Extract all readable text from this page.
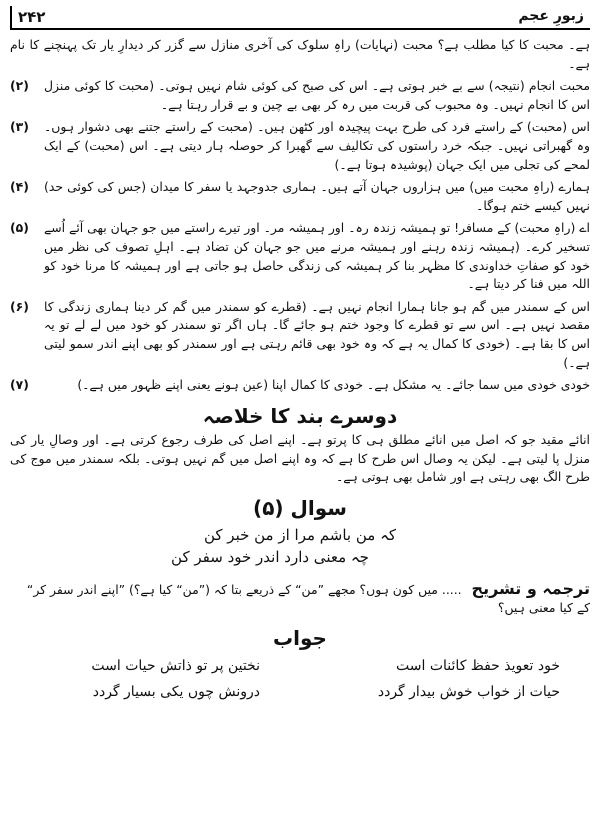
۲۴۲	زبورِ عجم

ہے۔ محبت کا کیا مطلب ہے؟ محبت (نہایات) راہِ سلوک کی آخری منازل سے گزر کر دیدارِ یار تک پہنچنے کا نام ہے۔

محبت انجام (نتیجہ) سے بے خبر ہوتی ہے۔ اس کی صبح کی کوئی شام نہیں ہوتی۔ (محبت کا کوئی منزل اس کا انجام نہیں۔ وہ محبوب کی قربت میں رہ کر بھی بے چین و بے قرار رہتا ہے۔
(۲)
اس (محبت) کے راستے فرد کی طرح بہت پیچیدہ اور کٹھن ہیں۔ (محبت کے راستے جتنے بھی دشوار ہوں۔ وہ گھبراتی نہیں۔ جبکہ خرد راستوں کی تکالیف سے گھبرا کر حوصلہ ہار دیتی ہے۔ اس (محبت) کے ایک لمحے کی تجلی میں ایک جہان (پوشیدہ ہوتا ہے۔)
(۳)
ہمارے (راہِ محبت میں) میں ہزاروں جہان آتے ہیں۔ ہماری جدوجہد یا سفر کا میدان (جس کی کوئی حد) نہیں کیسے ختم ہوگا۔
(۴)
اے (راہِ محبت) کے مسافر! تو ہمیشہ زندہ رہ۔ اور ہمیشہ مر۔ اور تیرے راستے میں جو جہان بھی آئے اُسے تسخیر کرے۔ (ہمیشہ زندہ رہنے اور ہمیشہ مرنے میں جو جہان کن تضاد ہے۔ اہلِ تصوف کی نظر میں خود کو صفاتِ خداوندی کا مظہر بنا کر ہمیشہ کی زندگی حاصل ہو جاتی ہے اور ہمیشہ کا مرنا خود کو اللہ میں فنا کر دیتا ہے۔
(۵)
اس کے سمندر میں گم ہو جانا ہمارا انجام نہیں ہے۔ (قطرے کو سمندر میں گم کر دینا ہماری زندگی کا مقصد نہیں ہے۔ اس سے تو قطرے کا وجود ختم ہو جائے گا۔ ہاں اگر تو سمندر کو خود میں لے لے تو یہ اس کا بقا ہے۔ (خودی کا کمال یہ ہے کہ وہ خود بھی قائم رہتی ہے اور سمندر کو بھی اپنے اندر سمو لیتی ہے۔)
(۶)
خودی خودی میں سما جائے۔ یہ مشکل ہے۔ خودی کا کمال اپنا (عین ہونے یعنی اپنے ظہور میں ہے۔)
(۷)
دوسرے بند کا خلاصہ

انائے مقید جو کہ اصل میں انائے مطلق ہی کا پرتو ہے۔ اپنے اصل کی طرف رجوع کرتی ہے۔ اور وصالِ یار کی منزل پا لیتی ہے۔ لیکن یہ وصال اس طرح کا ہے کہ وہ اپنے اصل میں گم نہیں ہوتی۔ بلکہ سمندر میں موج کی طرح الگ بھی رہتی ہے اور شامل بھی ہوتی ہے۔

سوال (۵)
کہ من باشم مرا از من خبر کن
چہ معنی دارد اندر خود سفر کن
ترجمہ و تشریح ..... میں کون ہوں؟ مجھے ”من“ کے ذریعے بتا کہ (”من“ کیا ہے؟) ”اپنے اندر سفر کر“ کے کیا معنی ہیں؟
جواب
خود تعویذ حفظ کائنات است
نختین پر تو ذاتش حیات است
حیات از خواب خوش بیدار گردد
درونش چوں یکی بسیار گردد
